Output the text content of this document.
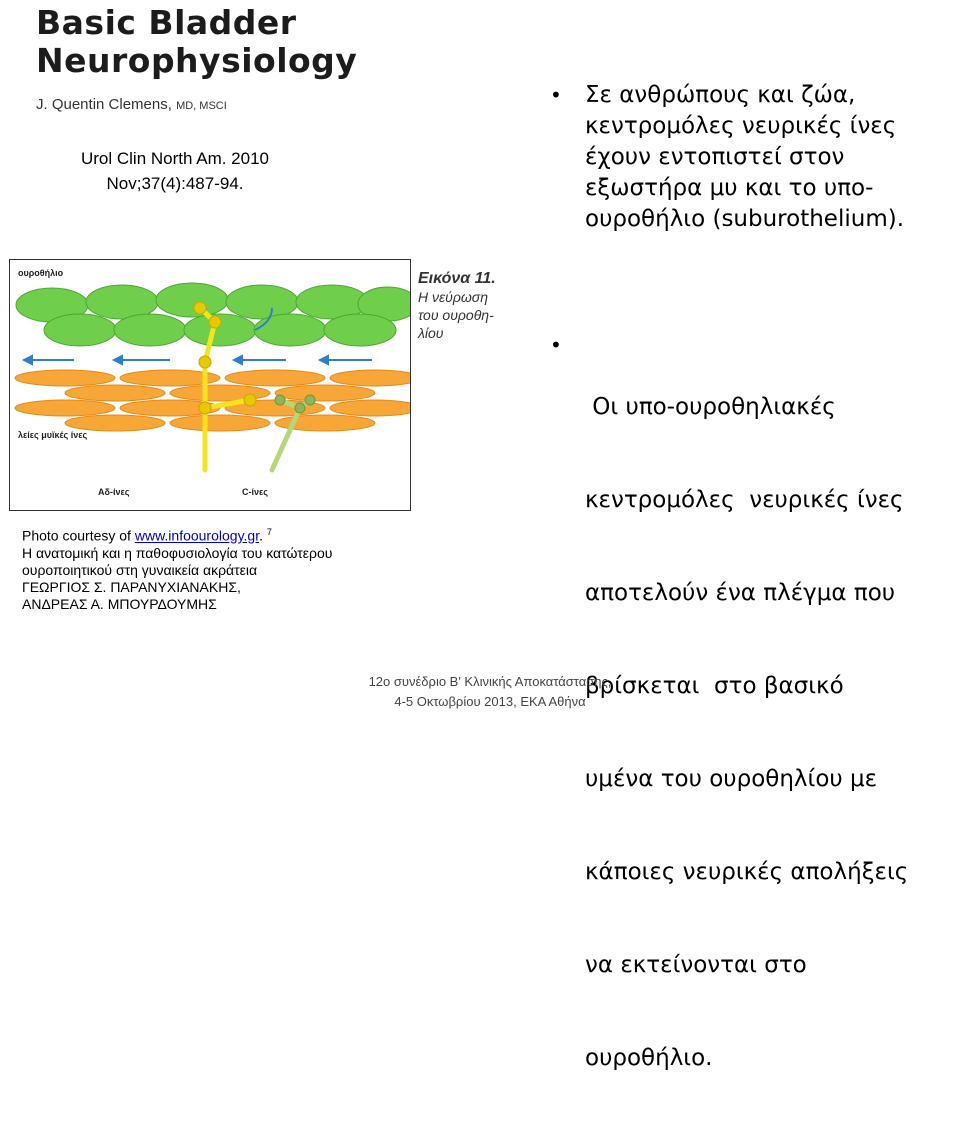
Basic Bladder
Neurophysiology
J. Quentin Clemens, MD, MSCI
Urol Clin North Am. 2010
Nov;37(4):487-94.
ουροθήλιο
λείες μυϊκές ίνες
Αδ-ίνες	C-ίνες
Εικόνα 11.
Η νεύρωση
του ουροθη-
λίου
Photo courtesy of www.infoourology.gr. $^7$
Η ανατομική και η παθοφυσιολογία του κατώτερου
ουροποιητικού στη γυναικεία ακράτεια
ΓΕΩΡΓΙΟΣ Σ. ΠΑΡΑΝΥΧΙΑΝΑΚΗΣ,
ΑΝΔΡΕΑΣ Α. ΜΠΟΥΡΔΟΥΜΗΣ
• Σε ανθρώπους και ζώα,
κεντρομόλες νευρικές ίνες
έχουν εντοπιστεί στον
εξωστήρα μυ και το υπο-
ουροθήλιο (suburothelium).
•

Οι υπο-ουροθηλιακές

κεντρομόλες  νευρικές ίνες

αποτελούν ένα πλέγμα που

βρίσκεται  στο βασικό

υμένα του ουροθηλίου με

κάποιες νευρικές απολήξεις

να εκτείνονται στο

ουροθήλιο.

12ο συνέδριο Β' Κλινικής Αποκατάστασης,
4-5 Οκτωβρίου 2013, ΕΚΑ Αθήνα
